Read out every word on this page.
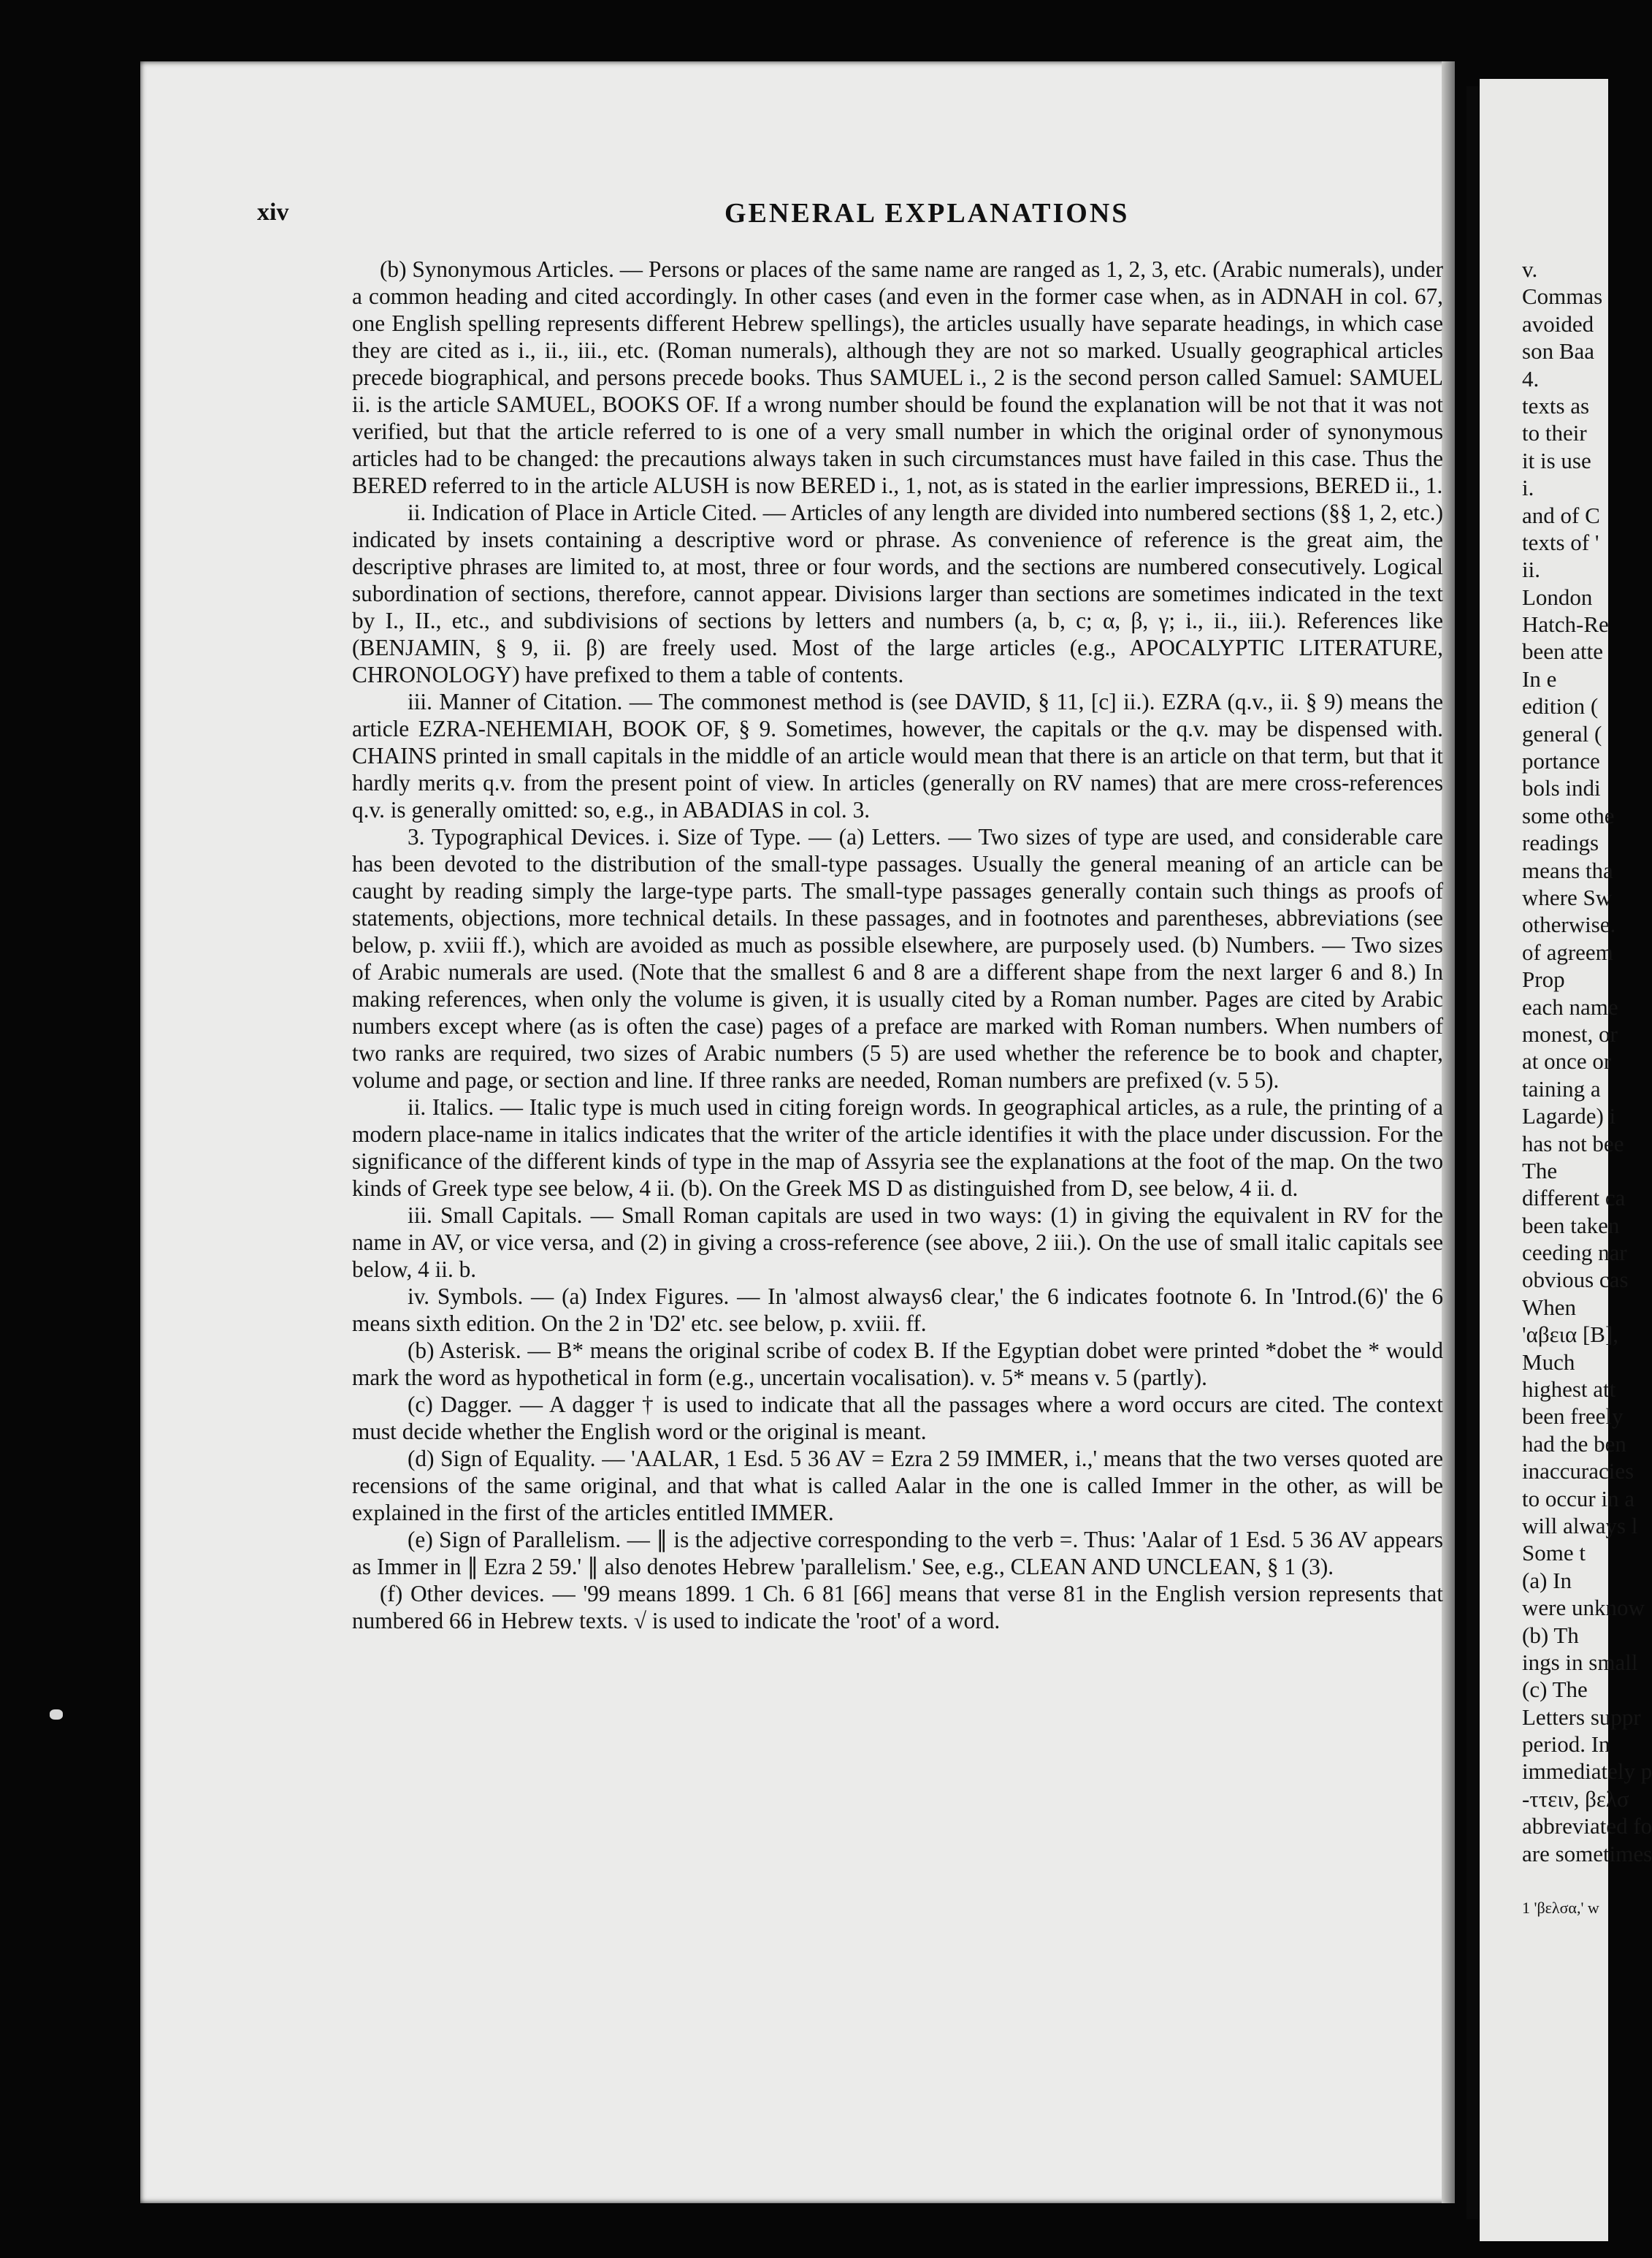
xiv	GENERAL EXPLANATIONS

(b) Synonymous Articles. — Persons or places of the same name are ranged as 1, 2, 3, etc. (Arabic numerals), under a common heading and cited accordingly. In other cases (and even in the former case when, as in ADNAH in col. 67, one English spelling represents different Hebrew spellings), the articles usually have separate headings, in which case they are cited as i., ii., iii., etc. (Roman numerals), although they are not so marked. Usually geographical articles precede biographical, and persons precede books. Thus SAMUEL i., 2 is the second person called Samuel: SAMUEL ii. is the article SAMUEL, BOOKS OF. If a wrong number should be found the explanation will be not that it was not verified, but that the article referred to is one of a very small number in which the original order of synonymous articles had to be changed: the precautions always taken in such circumstances must have failed in this case. Thus the BERED referred to in the article ALUSH is now BERED i., 1, not, as is stated in the earlier impressions, BERED ii., 1.

ii. Indication of Place in Article Cited. — Articles of any length are divided into numbered sections (§§ 1, 2, etc.) indicated by insets containing a descriptive word or phrase. As convenience of reference is the great aim, the descriptive phrases are limited to, at most, three or four words, and the sections are numbered consecutively. Logical subordination of sections, therefore, cannot appear. Divisions larger than sections are sometimes indicated in the text by I., II., etc., and subdivisions of sections by letters and numbers (a, b, c; α, β, γ; i., ii., iii.). References like (BENJAMIN, § 9, ii. β) are freely used. Most of the large articles (e.g., APOCALYPTIC LITERATURE, CHRONOLOGY) have prefixed to them a table of contents.

iii. Manner of Citation. — The commonest method is (see DAVID, § 11, [c] ii.). EZRA (q.v., ii. § 9) means the article EZRA-NEHEMIAH, BOOK OF, § 9. Sometimes, however, the capitals or the q.v. may be dispensed with. CHAINS printed in small capitals in the middle of an article would mean that there is an article on that term, but that it hardly merits q.v. from the present point of view. In articles (generally on RV names) that are mere cross-references q.v. is generally omitted: so, e.g., in ABADIAS in col. 3.

3. Typographical Devices. i. Size of Type. — (a) Letters. — Two sizes of type are used, and considerable care has been devoted to the distribution of the small-type passages. Usually the general meaning of an article can be caught by reading simply the large-type parts. The small-type passages generally contain such things as proofs of statements, objections, more technical details. In these passages, and in footnotes and parentheses, abbreviations (see below, p. xviii ff.), which are avoided as much as possible elsewhere, are purposely used. (b) Numbers. — Two sizes of Arabic numerals are used. (Note that the smallest 6 and 8 are a different shape from the next larger 6 and 8.) In making references, when only the volume is given, it is usually cited by a Roman number. Pages are cited by Arabic numbers except where (as is often the case) pages of a preface are marked with Roman numbers. When numbers of two ranks are required, two sizes of Arabic numbers (5 5) are used whether the reference be to book and chapter, volume and page, or section and line. If three ranks are needed, Roman numbers are prefixed (v. 5 5).

ii. Italics. — Italic type is much used in citing foreign words. In geographical articles, as a rule, the printing of a modern place-name in italics indicates that the writer of the article identifies it with the place under discussion. For the significance of the different kinds of type in the map of Assyria see the explanations at the foot of the map. On the two kinds of Greek type see below, 4 ii. (b). On the Greek MS D as distinguished from D, see below, 4 ii. d.

iii. Small Capitals. — Small Roman capitals are used in two ways: (1) in giving the equivalent in RV for the name in AV, or vice versa, and (2) in giving a cross-reference (see above, 2 iii.). On the use of small italic capitals see below, 4 ii. b.

iv. Symbols. — (a) Index Figures. — In 'almost always6 clear,' the 6 indicates footnote 6. In 'Introd.(6)' the 6 means sixth edition. On the 2 in 'D2' etc. see below, p. xviii. ff.

(b) Asterisk. — B* means the original scribe of codex B. If the Egyptian dobet were printed *dobet the * would mark the word as hypothetical in form (e.g., uncertain vocalisation). v. 5* means v. 5 (partly).

(c) Dagger. — A dagger † is used to indicate that all the passages where a word occurs are cited. The context must decide whether the English word or the original is meant.

(d) Sign of Equality. — 'AALAR, 1 Esd. 5 36 AV = Ezra 2 59 IMMER, i.,' means that the two verses quoted are recensions of the same original, and that what is called Aalar in the one is called Immer in the other, as will be explained in the first of the articles entitled IMMER.

(e) Sign of Parallelism. — ∥ is the adjective corresponding to the verb =. Thus: 'Aalar of 1 Esd. 5 36 AV appears as Immer in ∥ Ezra 2 59.' ∥ also denotes Hebrew 'parallelism.' See, e.g., CLEAN AND UNCLEAN, § 1 (3).

(f) Other devices. — '99 means 1899. 1 Ch. 6 81 [66] means that verse 81 in the English version represents that numbered 66 in Hebrew texts. √ is used to indicate the 'root' of a word.

v.
Commas
avoided
son Baa
4.
texts as
to their
it is use
i.
and of C
texts of '
ii.
London
Hatch-Re
been atte
In e
edition (
general (
portance
bols indi
some othe
readings
means tha
where Sw
otherwise.
of agreem
Prop
each name
monest, or
at once or
taining a
Lagarde) i
has not bee
The
different ca
been taken
ceeding nar
obvious cas
When
'αβεια [B],
Much
highest att
been freely
had the ben
inaccuracies
to occur in a
will always l
Some t
(a) In
were unknow
(b) Th
ings in small
(c) The
Letters suppr
period. In
immediately p
-ττειν, βελσ
abbreviated fo
are sometimes
1 'βελσα,' w
